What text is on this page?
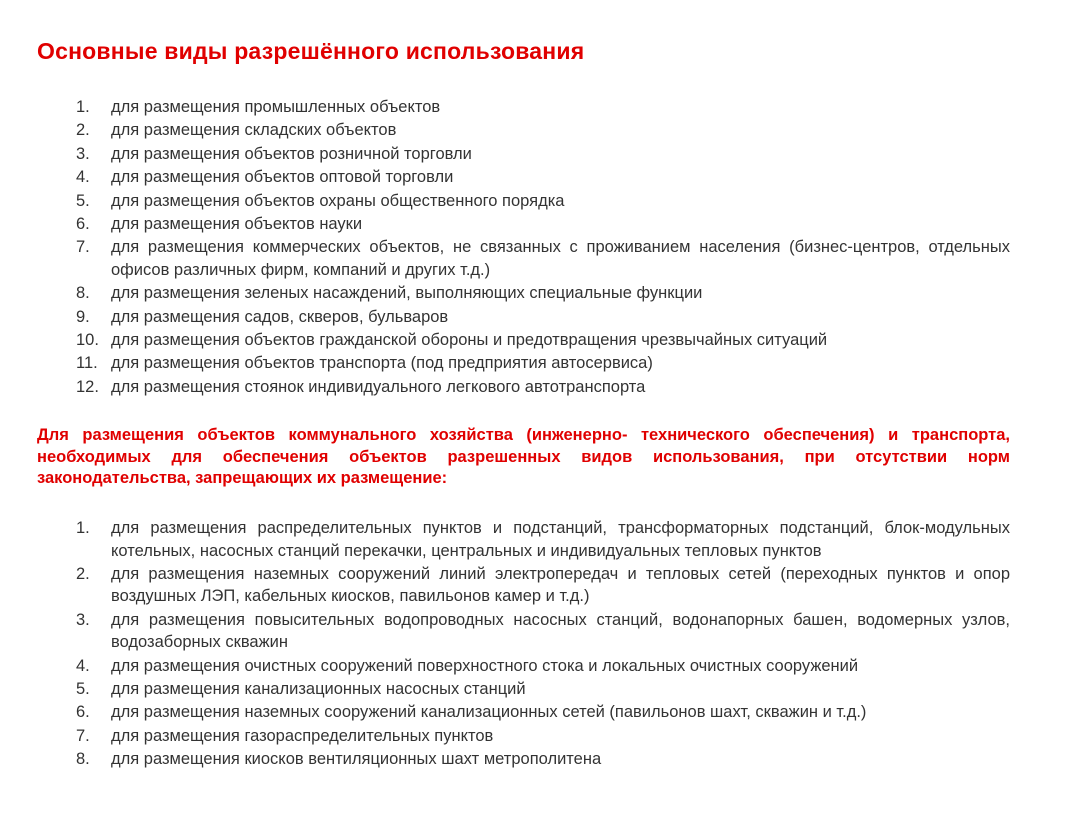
Основные виды разрешённого использования
1.	для размещения промышленных объектов
2.	для размещения складских объектов
3.	для размещения объектов розничной торговли
4.	для размещения объектов оптовой торговли
5.	для размещения объектов охраны общественного порядка
6.	для размещения объектов науки
7.	для размещения коммерческих объектов, не связанных с проживанием населения (бизнес-центров, отдельных офисов различных фирм, компаний и других т.д.)
8.	для размещения зеленых насаждений, выполняющих специальные функции
9.	для размещения садов, скверов, бульваров
10. для размещения объектов гражданской обороны и предотвращения чрезвычайных ситуаций
11. для размещения объектов транспорта (под предприятия автосервиса)
12. для размещения стоянок индивидуального легкового автотранспорта

Для размещения объектов коммунального хозяйства (инженерно- технического обеспечения) и транспорта, необходимых для обеспечения объектов разрешенных видов использования, при отсутствии норм законодательства, запрещающих их размещение:

1.	для размещения распределительных пунктов и подстанций, трансформаторных подстанций, блок-модульных котельных, насосных станций перекачки, центральных и индивидуальных тепловых пунктов
2.	для размещения наземных сооружений линий электропередач и тепловых сетей (переходных пунктов и опор воздушных ЛЭП, кабельных киосков, павильонов камер и т.д.)
3.	для размещения повысительных водопроводных насосных станций, водонапорных башен, водомерных узлов, водозаборных скважин
4.	для размещения очистных сооружений поверхностного стока и локальных очистных сооружений
5.	для размещения канализационных насосных станций
6.	для размещения наземных сооружений канализационных сетей (павильонов шахт, скважин и т.д.)
7.	для размещения газораспределительных пунктов
8.	для размещения киосков вентиляционных шахт метрополитена
